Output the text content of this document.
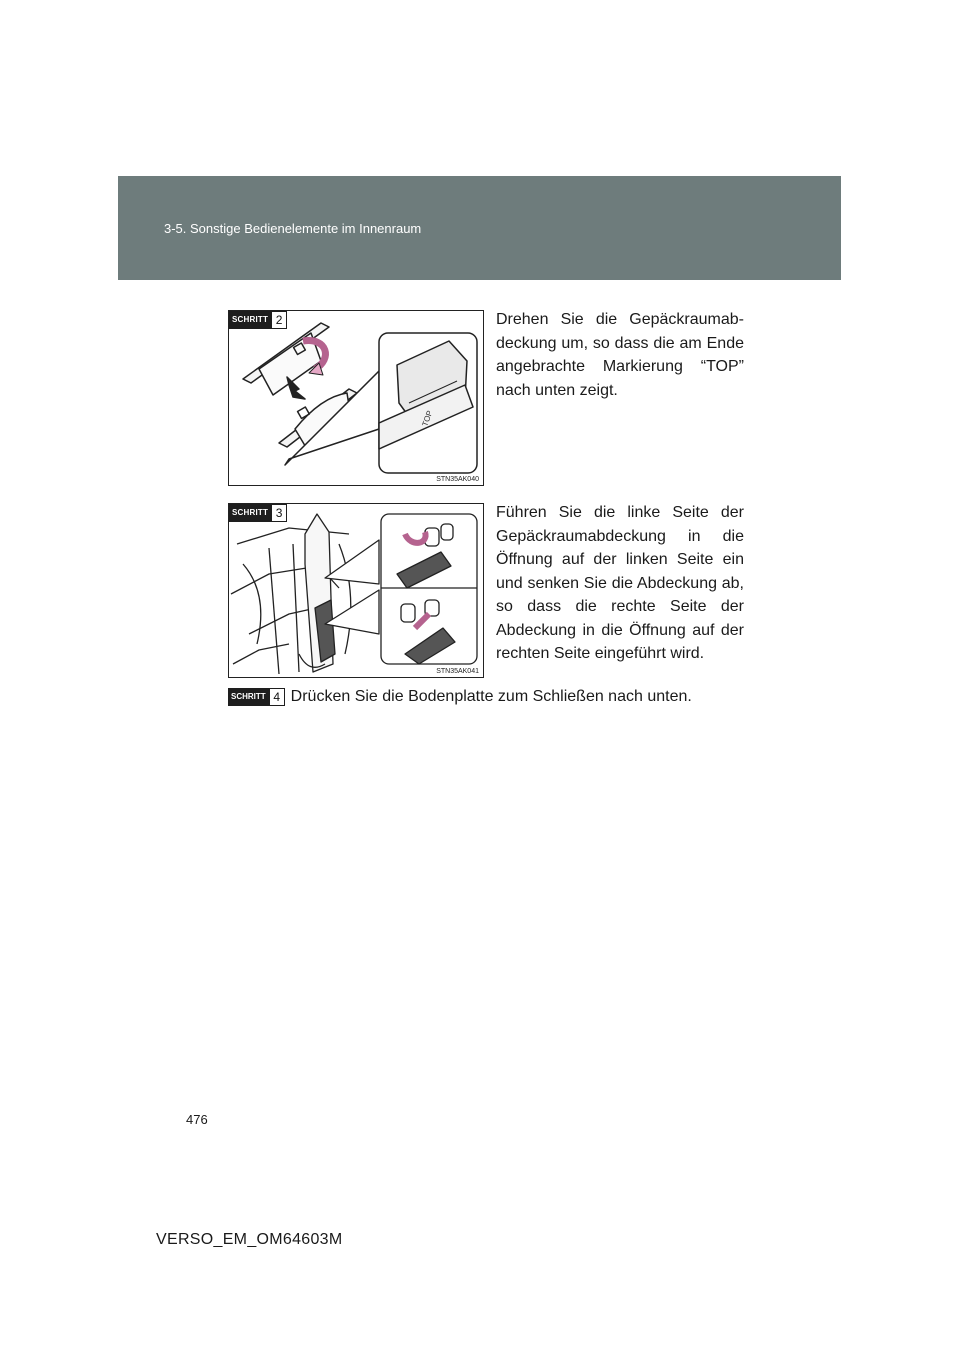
3-5. Sonstige Bedienelemente im Innenraum
TOP
SCHRITT 2
STN35AK040
Drehen Sie die Gepäckraumabdeckung um, so dass die am Ende angebrachte Markierung “TOP” nach unten zeigt.
SCHRITT 3
STN35AK041
Führen Sie die linke Seite der Gepäckraumabdeckung in die Öffnung auf der linken Seite ein und senken Sie die Abdeckung ab, so dass die rechte Seite der Abdeckung in die Öffnung auf der rechten Seite eingeführt wird.
SCHRITT 4 Drücken Sie die Bodenplatte zum Schließen nach unten.
476
VERSO_EM_OM64603M
